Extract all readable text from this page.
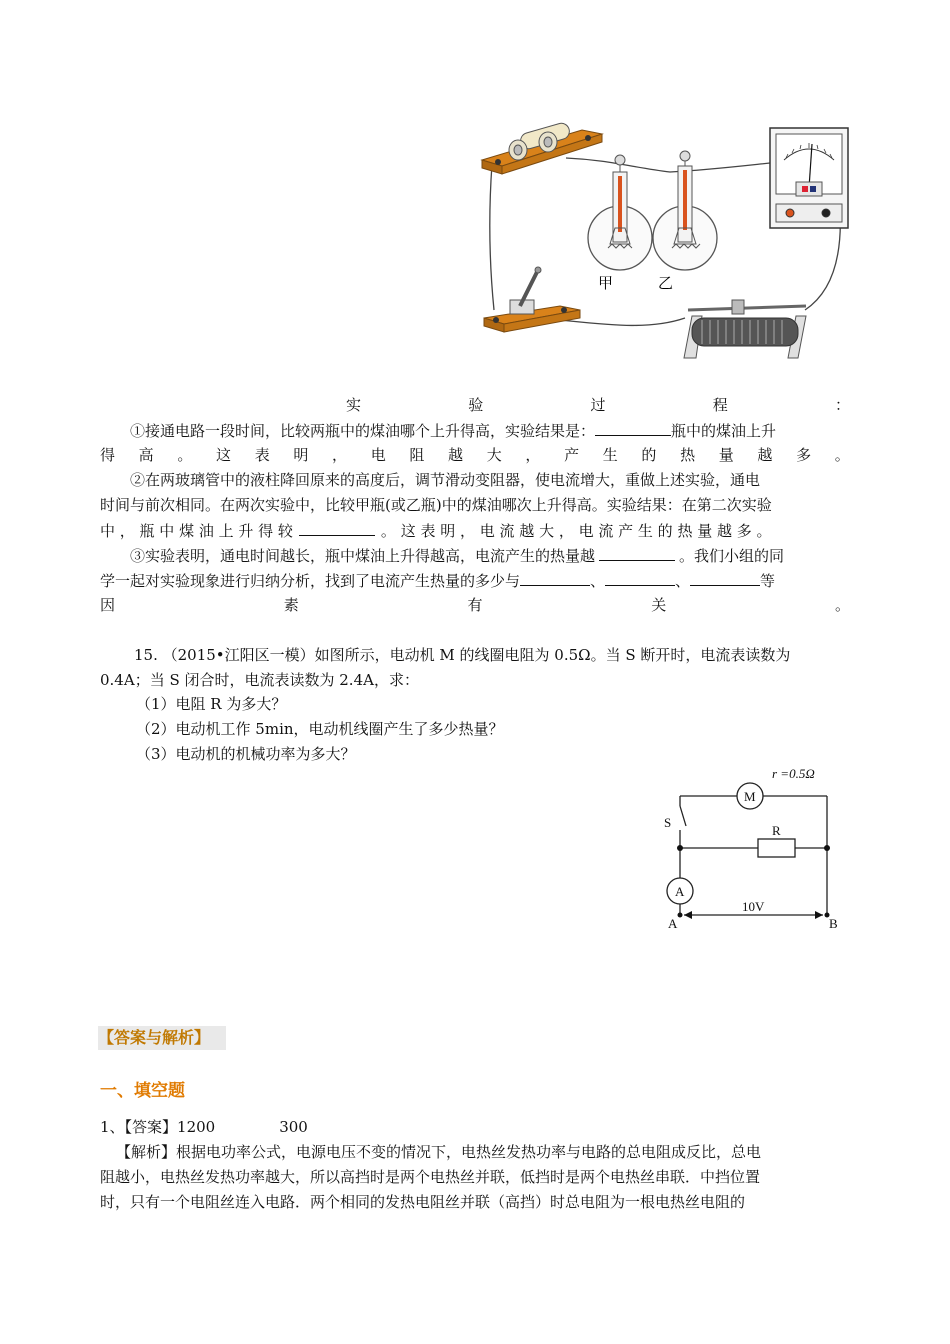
甲	乙
实	验	过	程	：
①接通电路一段时间，比较两瓶中的煤油哪个上升得高，实验结果是：	瓶中的煤油上升
得 高 。 这 表 明 ， 电 阻 越 大 ， 产 生 的 热 量 越 多 。
②在两玻璃管中的液柱降回原来的高度后，调节滑动变阻器，使电流增大，重做上述实验，通电
时间与前次相同。在两次实验中，比较甲瓶(或乙瓶)中的煤油哪次上升得高。实验结果：在第二次实验
中 ， 瓶 中 煤 油 上 升 得 较	。 这 表 明 ， 电 流 越 大 ， 电 流 产 生 的 热 量 越 多 。
③实验表明，通电时间越长，瓶中煤油上升得越高，电流产生的热量越	。我们小组的同
学一起对实验现象进行归纳分析，找到了电流产生热量的多少与	、	、	等
因	素	有	关	。
15. （2015•江阳区一模）如图所示，电动机 M 的线圈电阻为 0.5Ω。当 S 断开时，电流表读数为
0.4A；当 S 闭合时，电流表读数为 2.4A，求：
（1）电阻 R 为多大？
（2）电动机工作 5min，电动机线圈产生了多少热量？
（3）电动机的机械功率为多大？
r =0.5Ω
M
S
R
A
A	B
10V
【答案与解析】
一、填空题
1、【答案】1200	300
【解析】根据电功率公式，电源电压不变的情况下，电热丝发热功率与电路的总电阻成反比，总电
阻越小，电热丝发热功率越大，所以高挡时是两个电热丝并联，低挡时是两个电热丝串联．中挡位置
时，只有一个电阻丝连入电路．两个相同的发热电阻丝并联（高挡）时总电阻为一根电热丝电阻的
